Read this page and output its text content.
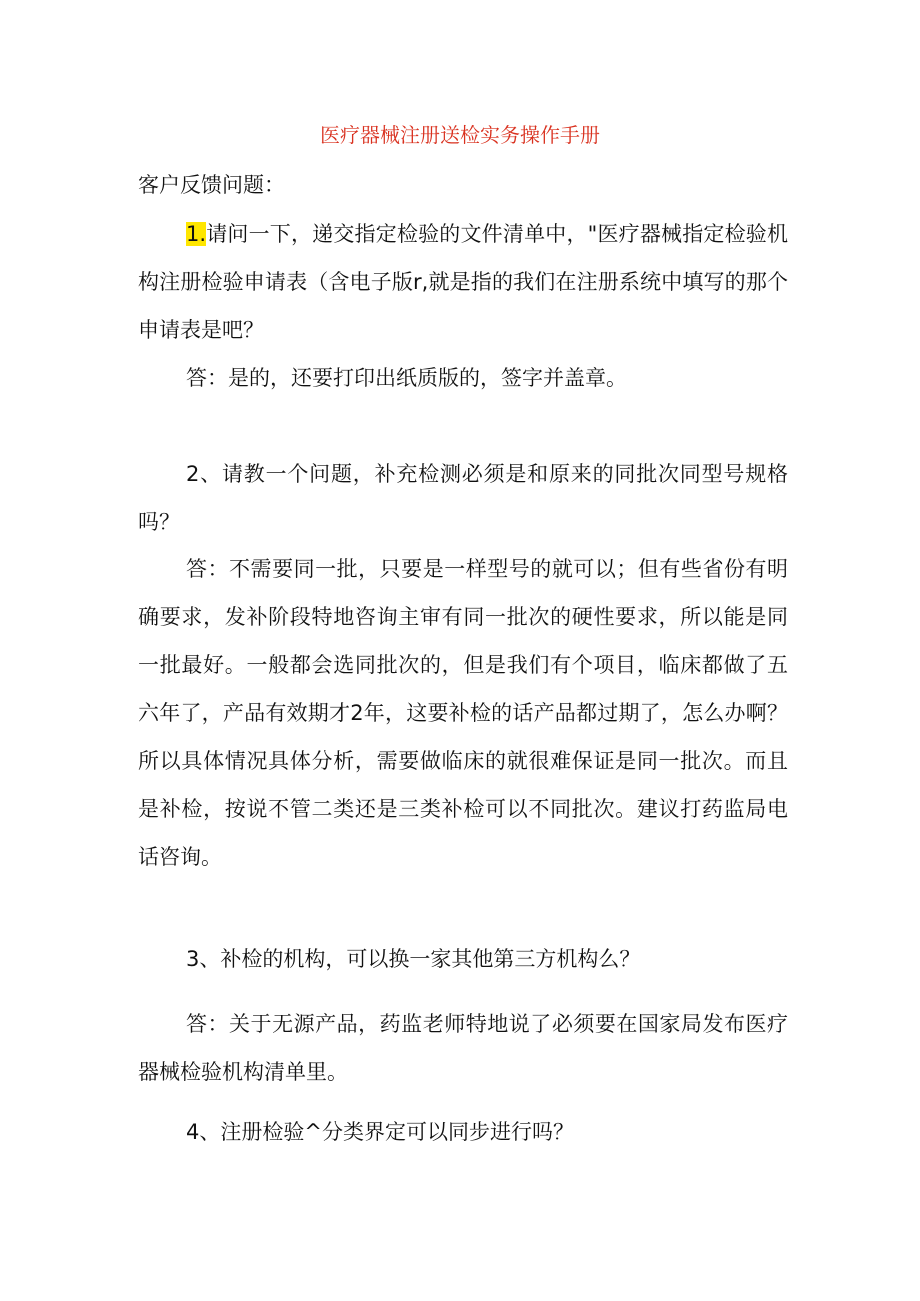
医疗器械注册送检实务操作手册
客户反馈问题：

1.请问一下，递交指定检验的文件清单中，"医疗器械指定检验机构注册检验申请表（含电子版r,就是指的我们在注册系统中填写的那个申请表是吧？

答：是的，还要打印出纸质版的，签字并盖章。

2、请教一个问题，补充检测必须是和原来的同批次同型号规格吗？

答：不需要同一批，只要是一样型号的就可以；但有些省份有明确要求，发补阶段特地咨询主审有同一批次的硬性要求，所以能是同一批最好。一般都会选同批次的，但是我们有个项目，临床都做了五六年了，产品有效期才2年，这要补检的话产品都过期了，怎么办啊？所以具体情况具体分析，需要做临床的就很难保证是同一批次。而且是补检，按说不管二类还是三类补检可以不同批次。建议打药监局电话咨询。

3、补检的机构，可以换一家其他第三方机构么？

答：关于无源产品，药监老师特地说了必须要在国家局发布医疗器械检验机构清单里。

4、注册检验^分类界定可以同步进行吗？
